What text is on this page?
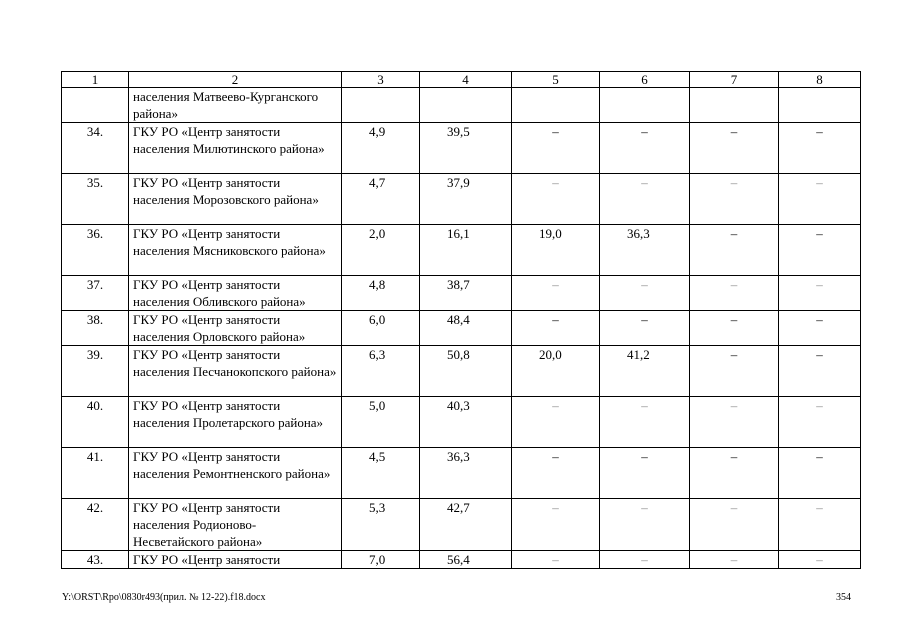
1	2	3	4	5	6	7	8
	населения Матвеево-Курганского района»						
34.	ГКУ РО «Центр занятости населения Милютинского района»	4,9	39,5	–	–	–	–
35.	ГКУ РО «Центр занятости населения Морозовского района»	4,7	37,9	–	–	–	–
36.	ГКУ РО «Центр занятости населения Мясниковского района»	2,0	16,1	19,0	36,3	–	–
37.	ГКУ РО «Центр занятости населения Обливского района»	4,8	38,7	–	–	–	–
38.	ГКУ РО «Центр занятости населения Орловского района»	6,0	48,4	–	–	–	–
39.	ГКУ РО «Центр занятости населения Песчанокопского района»	6,3	50,8	20,0	41,2	–	–
40.	ГКУ РО «Центр занятости населения Пролетарского района»	5,0	40,3	–	–	–	–
41.	ГКУ РО «Центр занятости населения Ремонтненского района»	4,5	36,3	–	–	–	–
42.	ГКУ РО «Центр занятости населения Родионово-Несветайского района»	5,3	42,7	–	–	–	–
43.	ГКУ РО «Центр занятости	7,0	56,4	–	–	–	–
Y:\ORST\Rpo\0830r493(прил. № 12-22).f18.docx	354
